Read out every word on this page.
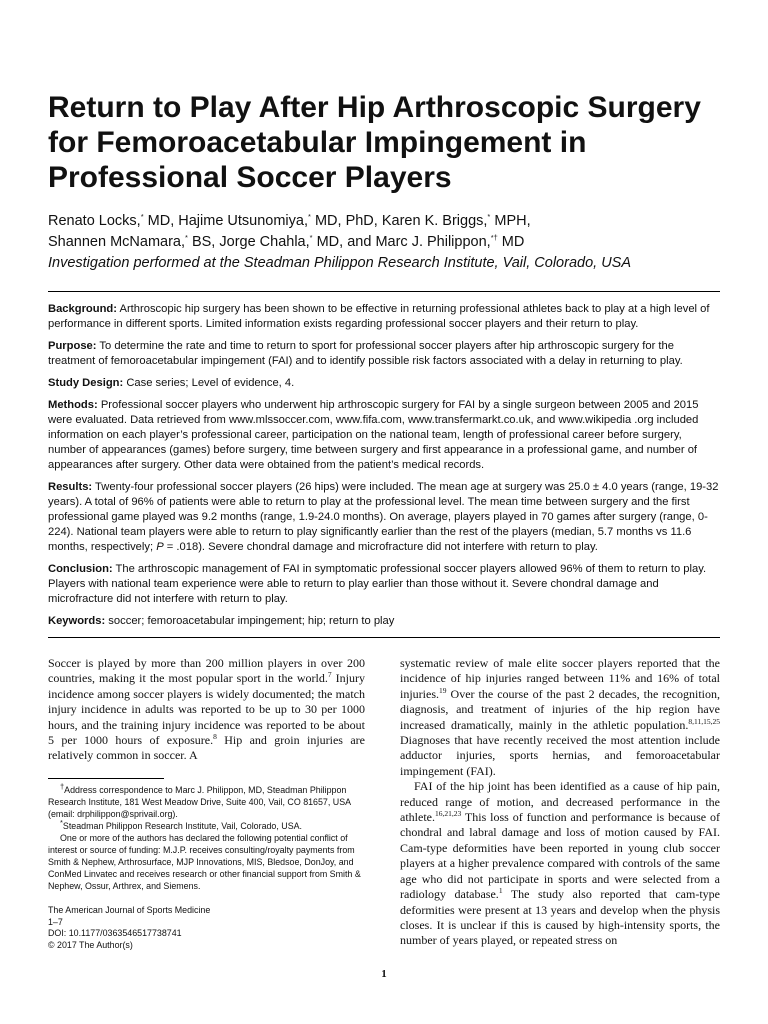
Return to Play After Hip Arthroscopic Surgery for Femoroacetabular Impingement in Professional Soccer Players
Renato Locks,* MD, Hajime Utsunomiya,* MD, PhD, Karen K. Briggs,* MPH,
Shannen McNamara,* BS, Jorge Chahla,* MD, and Marc J. Philippon,*† MD
Investigation performed at the Steadman Philippon Research Institute, Vail, Colorado, USA

Background: Arthroscopic hip surgery has been shown to be effective in returning professional athletes back to play at a high level of performance in different sports. Limited information exists regarding professional soccer players and their return to play.

Purpose: To determine the rate and time to return to sport for professional soccer players after hip arthroscopic surgery for the treatment of femoroacetabular impingement (FAI) and to identify possible risk factors associated with a delay in returning to play.

Study Design: Case series; Level of evidence, 4.

Methods: Professional soccer players who underwent hip arthroscopic surgery for FAI by a single surgeon between 2005 and 2015 were evaluated. Data retrieved from www.mlssoccer.com, www.fifa.com, www.transfermarkt.co.uk, and www.wikipedia .org included information on each player’s professional career, participation on the national team, length of professional career before surgery, number of appearances (games) before surgery, time between surgery and first appearance in a professional game, and number of appearances after surgery. Other data were obtained from the patient’s medical records.

Results: Twenty-four professional soccer players (26 hips) were included. The mean age at surgery was 25.0 ± 4.0 years (range, 19-32 years). A total of 96% of patients were able to return to play at the professional level. The mean time between surgery and the first professional game played was 9.2 months (range, 1.9-24.0 months). On average, players played in 70 games after surgery (range, 0-224). National team players were able to return to play significantly earlier than the rest of the players (median, 5.7 months vs 11.6 months, respectively; P = .018). Severe chondral damage and microfracture did not interfere with return to play.

Conclusion: The arthroscopic management of FAI in symptomatic professional soccer players allowed 96% of them to return to play. Players with national team experience were able to return to play earlier than those without it. Severe chondral damage and microfracture did not interfere with return to play.

Keywords: soccer; femoroacetabular impingement; hip; return to play

Soccer is played by more than 200 million players in over 200 countries, making it the most popular sport in the world.$^7$ Injury incidence among soccer players is widely documented; the match injury incidence in adults was reported to be up to 30 per 1000 hours, and the training injury incidence was reported to be about 5 per 1000 hours of exposure.$^8$ Hip and groin injuries are relatively common in soccer. A

†Address correspondence to Marc J. Philippon, MD, Steadman Philippon Research Institute, 181 West Meadow Drive, Suite 400, Vail, CO 81657, USA (email: drphilippon@sprivail.org).

*Steadman Philippon Research Institute, Vail, Colorado, USA.

One or more of the authors has declared the following potential conflict of interest or source of funding: M.J.P. receives consulting/royalty payments from Smith & Nephew, Arthrosurface, MJP Innovations, MIS, Bledsoe, DonJoy, and ConMed Linvatec and receives research or other financial support from Smith & Nephew, Ossur, Arthrex, and Siemens.

The American Journal of Sports Medicine
1–7
DOI: 10.1177/0363546517738741
© 2017 The Author(s)

systematic review of male elite soccer players reported that the incidence of hip injuries ranged between 11% and 16% of total injuries.$^{19}$ Over the course of the past 2 decades, the recognition, diagnosis, and treatment of injuries of the hip region have increased dramatically, mainly in the athletic population.$^{8,11,15,25}$ Diagnoses that have recently received the most attention include adductor injuries, sports hernias, and femoroacetabular impingement (FAI).

FAI of the hip joint has been identified as a cause of hip pain, reduced range of motion, and decreased performance in the athlete.$^{16,21,23}$ This loss of function and performance is because of chondral and labral damage and loss of motion caused by FAI. Cam-type deformities have been reported in young club soccer players at a higher prevalence compared with controls of the same age who did not participate in sports and were selected from a radiology database.$^1$ The study also reported that cam-type deformities were present at 13 years and develop when the physis closes. It is unclear if this is caused by high-intensity sports, the number of years played, or repeated stress on

1
